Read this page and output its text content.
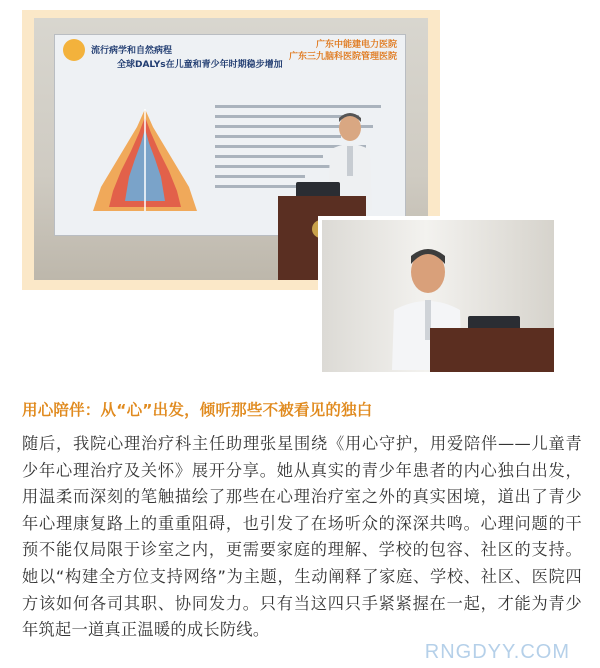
流行病学和自然病程
全球DALYs在儿童和青少年时期稳步增加
广东中能建电力医院
广东三九脑科医院管理医院
用心陪伴：从“心”出发，倾听那些不被看见的独白
随后，我院心理治疗科主任助理张星围绕《用心守护，用爱陪伴——儿童青少年心理治疗及关怀》展开分享。她从真实的青少年患者的内心独白出发，用温柔而深刻的笔触描绘了那些在心理治疗室之外的真实困境，道出了青少年心理康复路上的重重阻碍，也引发了在场听众的深深共鸣。心理问题的干预不能仅局限于诊室之内，更需要家庭的理解、学校的包容、社区的支持。她以“构建全方位支持网络”为主题，生动阐释了家庭、学校、社区、医院四方该如何各司其职、协同发力。只有当这四只手紧紧握在一起，才能为青少年筑起一道真正温暖的成长防线。
RNGDYY.COM
